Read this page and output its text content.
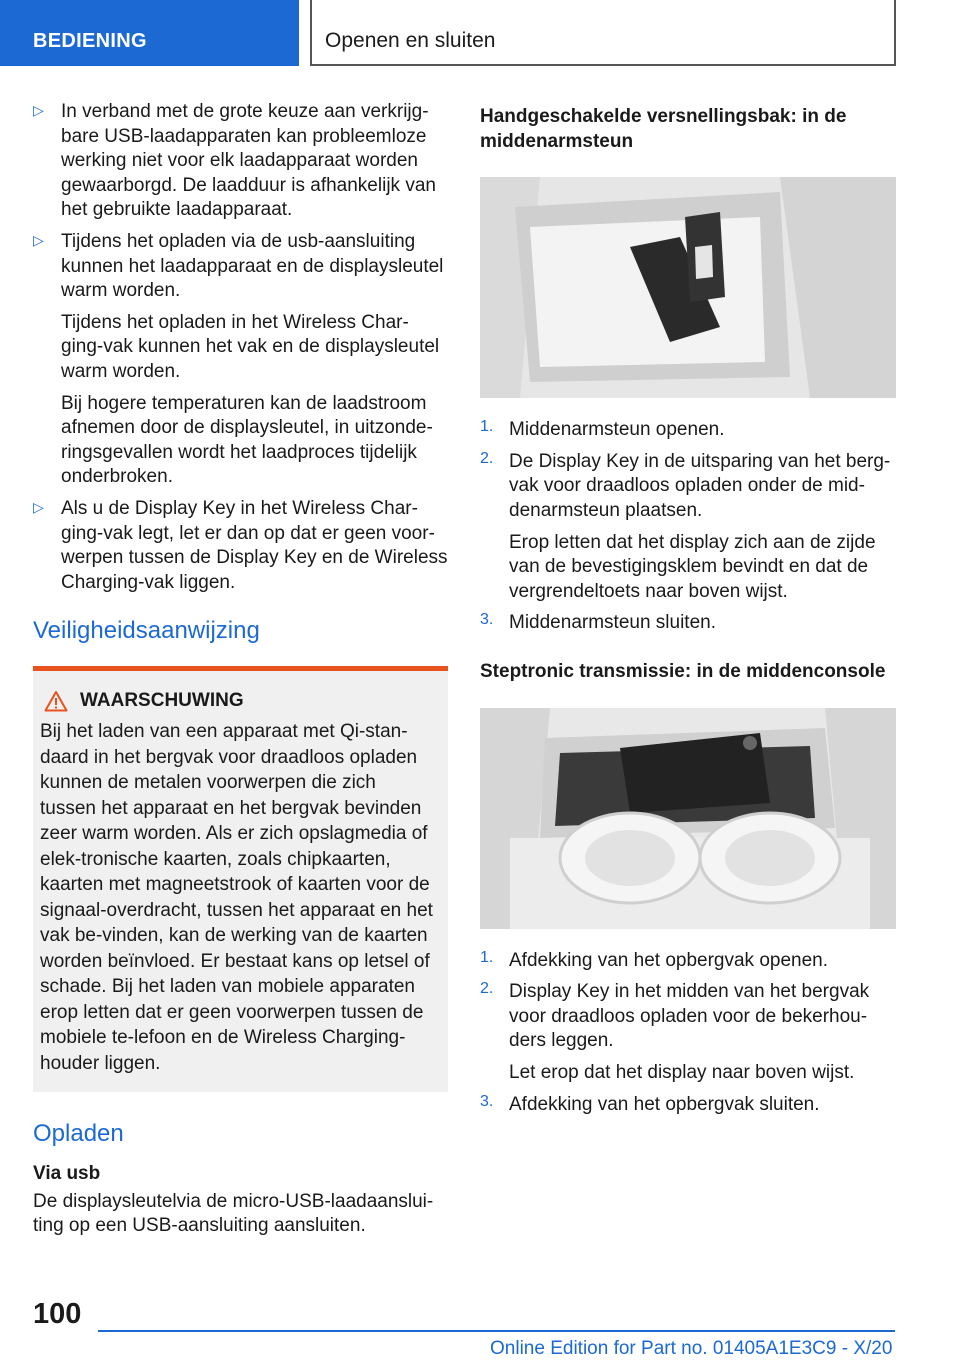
BEDIENING	Openen en sluiten
▷ In verband met de grote keuze aan verkrijg-bare USB-laadapparaten kan probleemloze werking niet voor elk laadapparaat worden gewaarborgd. De laadduur is afhankelijk van het gebruikte laadapparaat.

▷ Tijdens het opladen via de usb-aansluiting kunnen het laadapparaat en de displaysleutel warm worden.

Tijdens het opladen in het Wireless Char-ging-vak kunnen het vak en de displaysleutel warm worden.

Bij hogere temperaturen kan de laadstroom afnemen door de displaysleutel, in uitzonde-ringsgevallen wordt het laadproces tijdelijk onderbroken.

▷ Als u de Display Key in het Wireless Char-ging-vak legt, let er dan op dat er geen voor-werpen tussen de Display Key en de Wireless Charging-vak liggen.

Veiligheidsaanwijzing
WAARSCHUWING

Bij het laden van een apparaat met Qi-stan-daard in het bergvak voor draadloos opladen kunnen de metalen voorwerpen die zich tussen het apparaat en het bergvak bevinden zeer warm worden. Als er zich opslagmedia of elek-tronische kaarten, zoals chipkaarten, kaarten met magneetstrook of kaarten voor de signaal-overdracht, tussen het apparaat en het vak be-vinden, kan de werking van de kaarten worden beïnvloed. Er bestaat kans op letsel of schade. Bij het laden van mobiele apparaten erop letten dat er geen voorwerpen tussen de mobiele te-lefoon en de Wireless Charging-houder liggen.

Opladen
Via usb

De displaysleutelvia de micro-USB-laadaanslui-ting op een USB-aansluiting aansluiten.

Handgeschakelde versnellingsbak: in de middenarmsteun
1. Middenarmsteun openen.

2. De Display Key in de uitsparing van het berg-vak voor draadloos opladen onder de mid-denarmsteun plaatsen.

Erop letten dat het display zich aan de zijde van de bevestigingsklem bevindt en dat de vergrendeltoets naar boven wijst.

3. Middenarmsteun sluiten.

Steptronic transmissie: in de middenconsole
1. Afdekking van het opbergvak openen.

2. Display Key in het midden van het bergvak voor draadloos opladen voor de bekerhou-ders leggen.

Let erop dat het display naar boven wijst.

3. Afdekking van het opbergvak sluiten.

100
Online Edition for Part no. 01405A1E3C9 - X/20
